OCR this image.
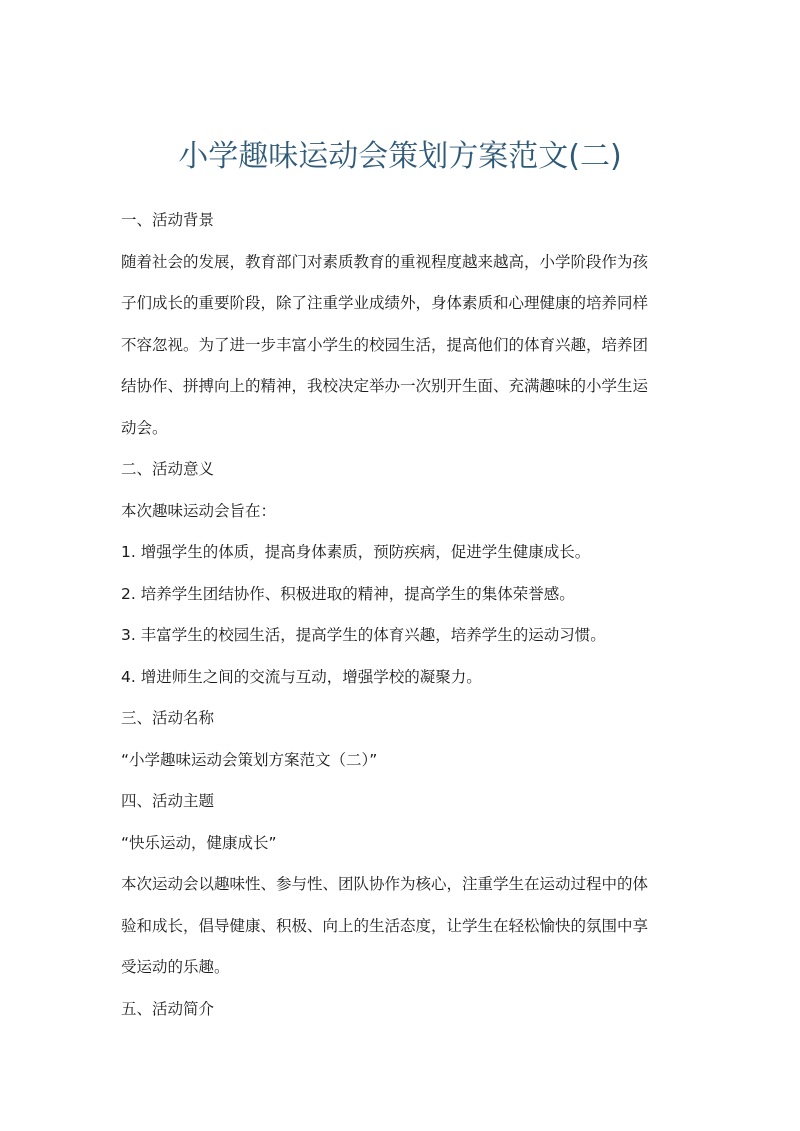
小学趣味运动会策划方案范文(二)
一、活动背景
随着社会的发展，教育部门对素质教育的重视程度越来越高，小学阶段作为孩
子们成长的重要阶段，除了注重学业成绩外，身体素质和心理健康的培养同样
不容忽视。为了进一步丰富小学生的校园生活，提高他们的体育兴趣，培养团
结协作、拼搏向上的精神，我校决定举办一次别开生面、充满趣味的小学生运
动会。
二、活动意义
本次趣味运动会旨在：
1. 增强学生的体质，提高身体素质，预防疾病，促进学生健康成长。
2. 培养学生团结协作、积极进取的精神，提高学生的集体荣誉感。
3. 丰富学生的校园生活，提高学生的体育兴趣，培养学生的运动习惯。
4. 增进师生之间的交流与互动，增强学校的凝聚力。
三、活动名称
“小学趣味运动会策划方案范文（二）”
四、活动主题
“快乐运动，健康成长”
本次运动会以趣味性、参与性、团队协作为核心，注重学生在运动过程中的体
验和成长，倡导健康、积极、向上的生活态度，让学生在轻松愉快的氛围中享
受运动的乐趣。
五、活动简介
